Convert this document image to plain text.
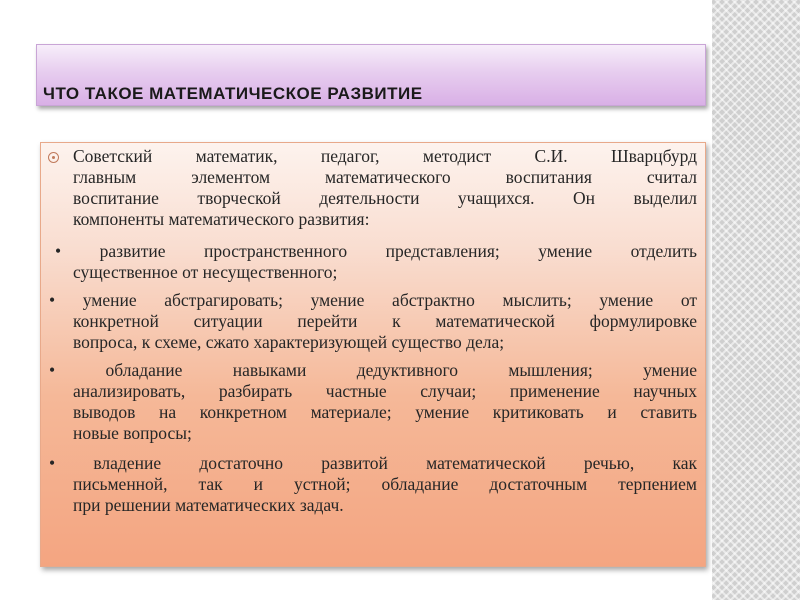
ЧТО ТАКОЕ МАТЕМАТИЧЕСКОЕ РАЗВИТИЕ
Советский математик, педагог, методист С.И. Шварцбурд
главным элементом математического воспитания считал
воспитание творческой деятельности учащихся. Он выделил
компоненты математического развития:
• развитие пространственного представления; умение отделить
существенное от несущественного;
• умение абстрагировать; умение абстрактно мыслить; умение от
конкретной ситуации перейти к математической формулировке
вопроса, к схеме, сжато характеризующей существо дела;
• обладание навыками дедуктивного мышления; умение
анализировать, разбирать частные случаи; применение научных
выводов на конкретном материале; умение критиковать и ставить
новые вопросы;
• владение достаточно развитой математической речью, как
письменной, так и устной; обладание достаточным терпением
при решении математических задач.
